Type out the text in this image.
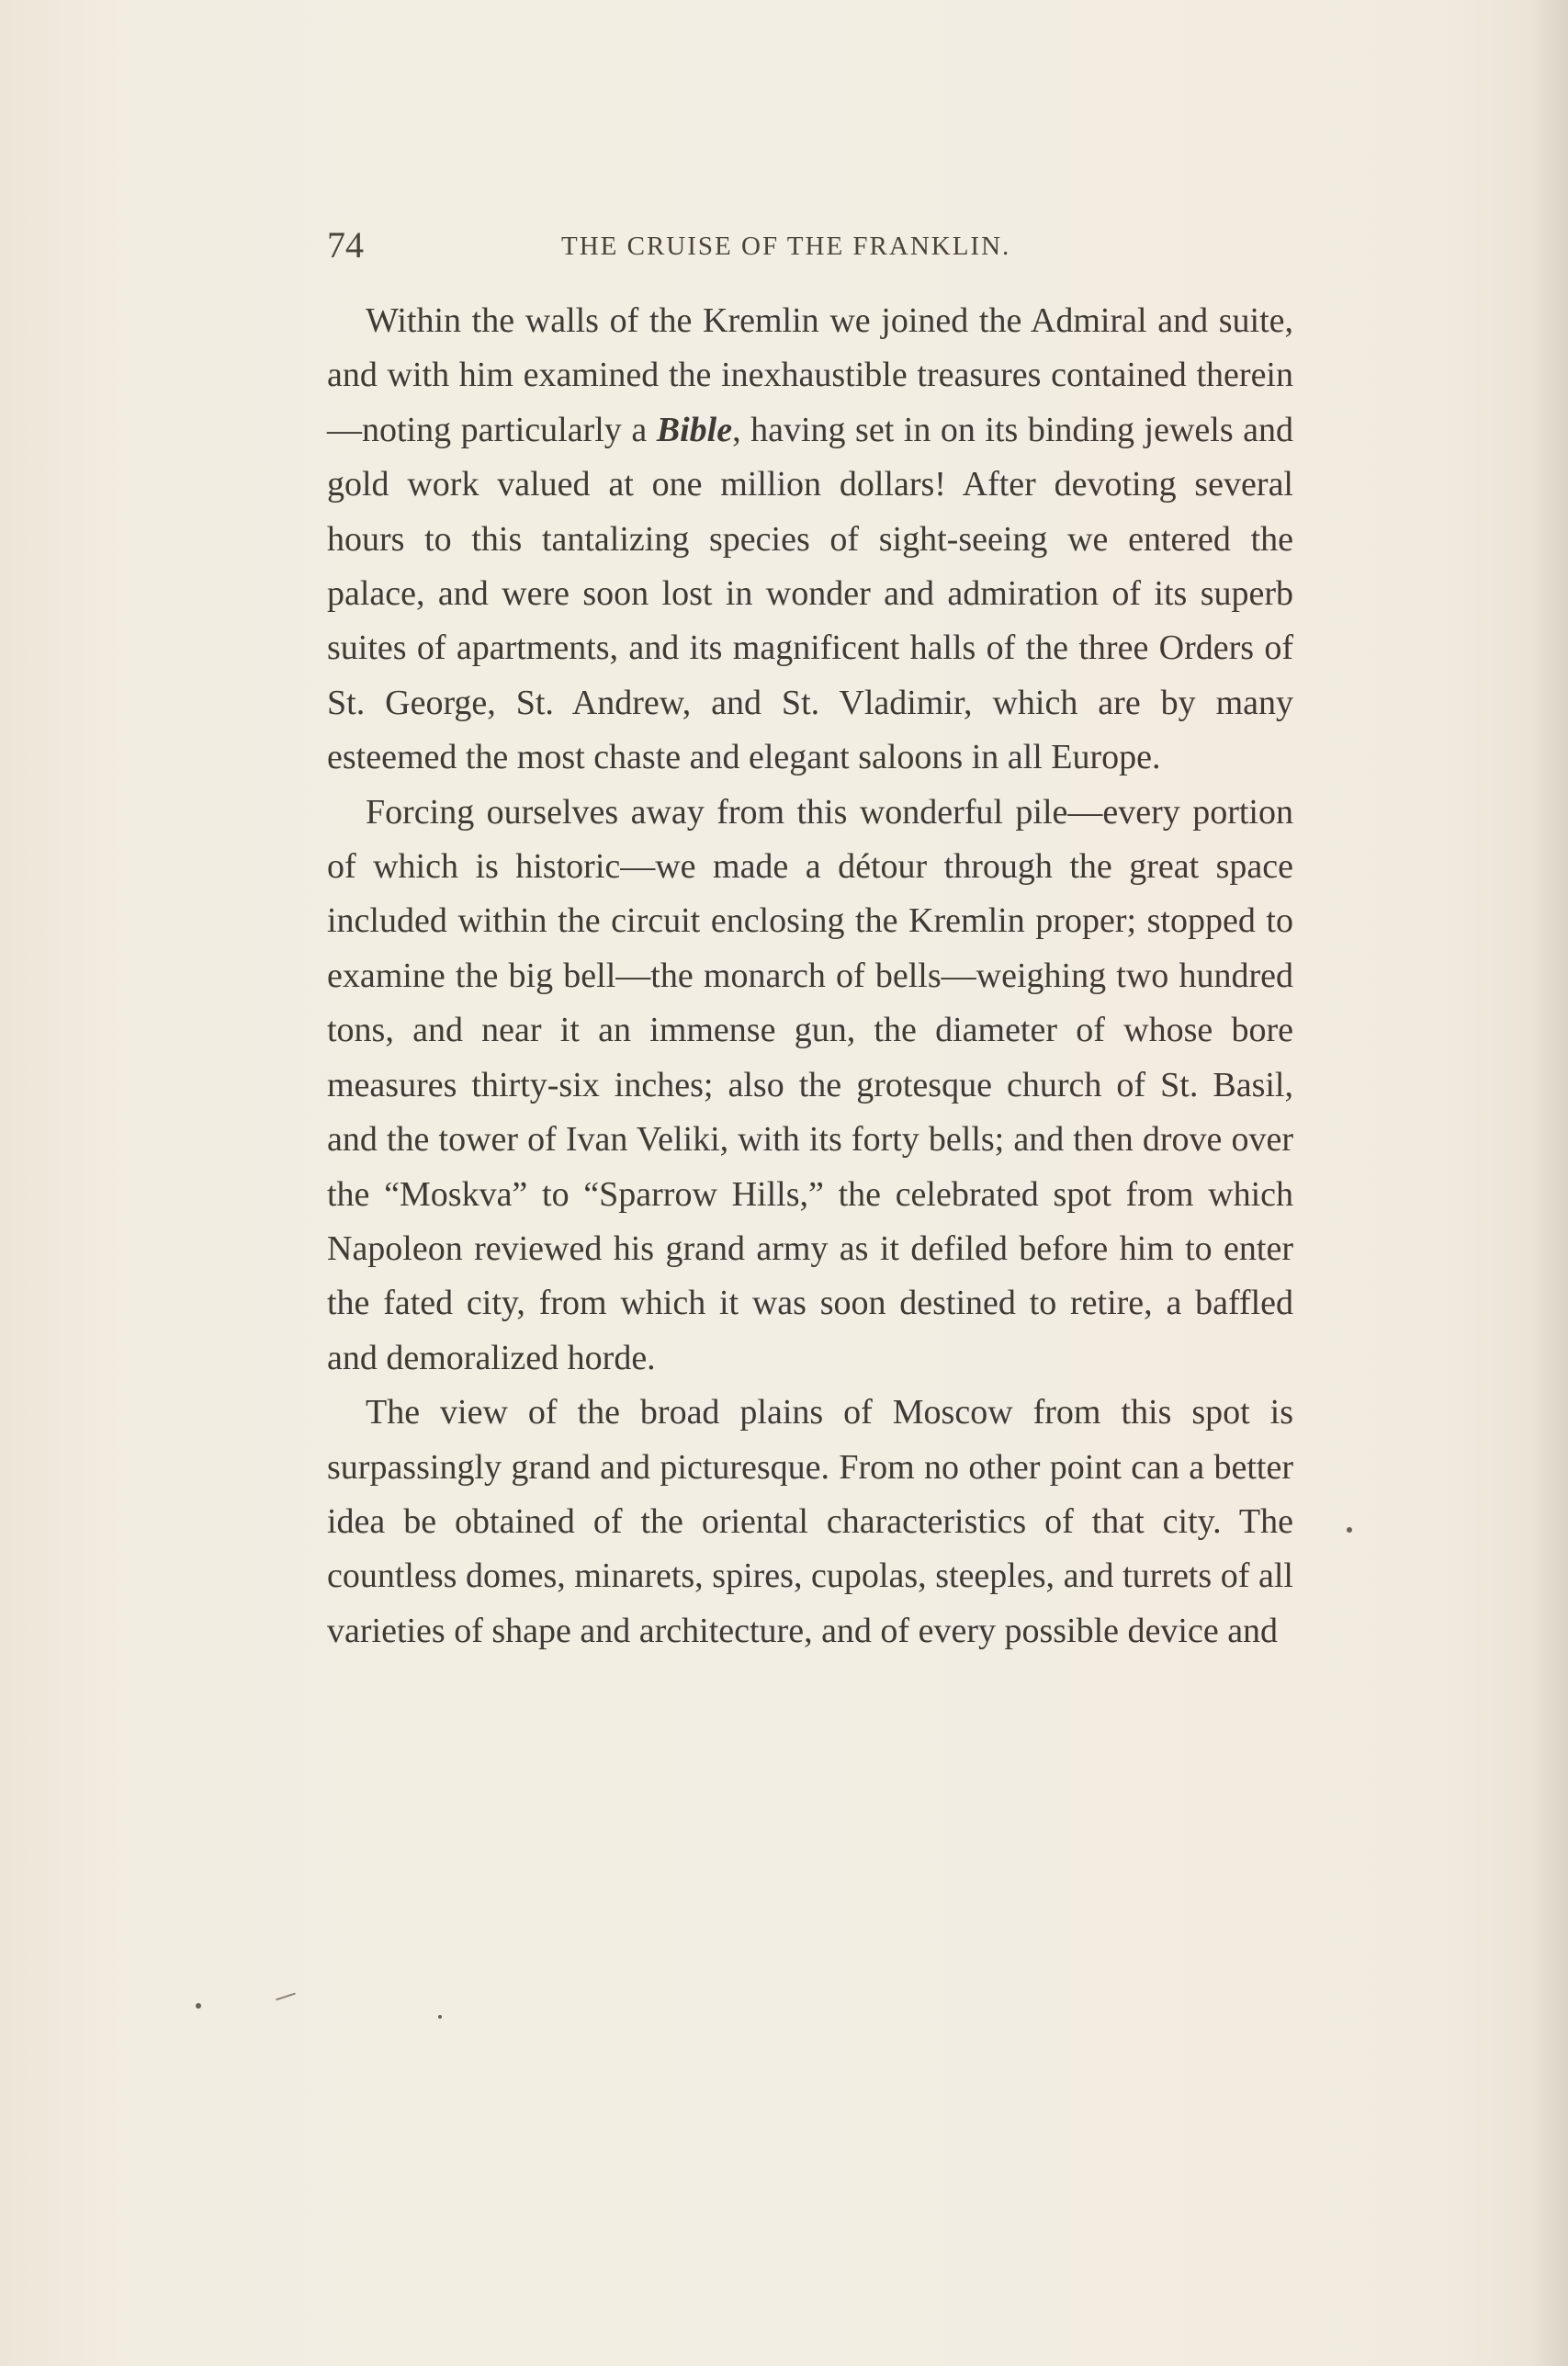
74	THE CRUISE OF THE FRANKLIN.

Within the walls of the Kremlin we joined the Admiral and suite, and with him examined the inexhaustible treasures contained therein—noting particularly a Bible, having set in on its binding jewels and gold work valued at one million dollars! After devoting several hours to this tantalizing species of sight-seeing we entered the palace, and were soon lost in wonder and admiration of its superb suites of apartments, and its magnificent halls of the three Orders of St. George, St. Andrew, and St. Vladimir, which are by many esteemed the most chaste and elegant saloons in all Europe.

Forcing ourselves away from this wonderful pile—every portion of which is historic—we made a détour through the great space included within the circuit enclosing the Kremlin proper; stopped to examine the big bell—the monarch of bells—weighing two hundred tons, and near it an immense gun, the diameter of whose bore measures thirty-six inches; also the grotesque church of St. Basil, and the tower of Ivan Veliki, with its forty bells; and then drove over the “Moskva” to “Sparrow Hills,” the celebrated spot from which Napoleon reviewed his grand army as it defiled before him to enter the fated city, from which it was soon destined to retire, a baffled and demoralized horde.

The view of the broad plains of Moscow from this spot is surpassingly grand and picturesque. From no other point can a better idea be obtained of the oriental characteristics of that city. The countless domes, minarets, spires, cupolas, steeples, and turrets of all varieties of shape and architecture, and of every possible device and
